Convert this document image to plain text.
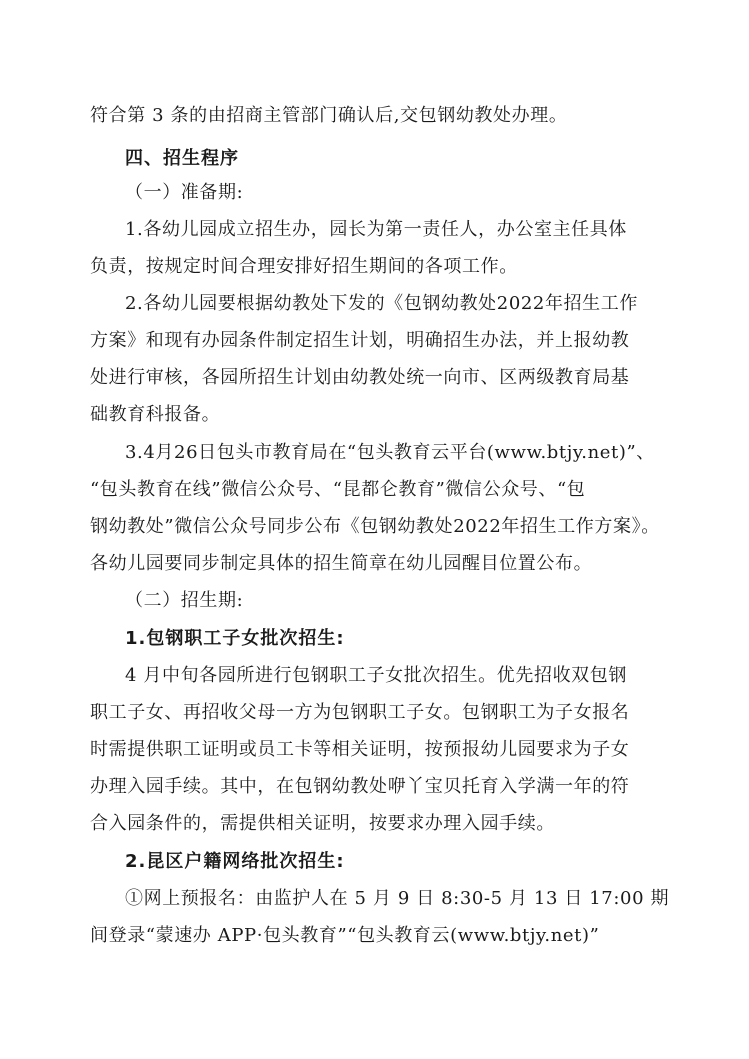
符合第 3 条的由招商主管部门确认后,交包钢幼教处办理。
四、招生程序
（一）准备期:
1.各幼儿园成立招生办，园长为第一责任人，办公室主任具体
负责，按规定时间合理安排好招生期间的各项工作。
2.各幼儿园要根据幼教处下发的《包钢幼教处2022年招生工作
方案》和现有办园条件制定招生计划，明确招生办法，并上报幼教
处进行审核，各园所招生计划由幼教处统一向市、区两级教育局基
础教育科报备。
3.4月26日包头市教育局在“包头教育云平台(www.btjy.net)”、
“包头教育在线”微信公众号、“昆都仑教育”微信公众号、“包
钢幼教处”微信公众号同步公布《包钢幼教处2022年招生工作方案》。
各幼儿园要同步制定具体的招生简章在幼儿园醒目位置公布。
（二）招生期:
1.包钢职工子女批次招生:
4 月中旬各园所进行包钢职工子女批次招生。优先招收双包钢
职工子女、再招收父母一方为包钢职工子女。包钢职工为子女报名
时需提供职工证明或员工卡等相关证明，按预报幼儿园要求为子女
办理入园手续。其中，在包钢幼教处咿丫宝贝托育入学满一年的符
合入园条件的，需提供相关证明，按要求办理入园手续。
2.昆区户籍网络批次招生:
①网上预报名：由监护人在 5 月 9 日 8:30-5 月 13 日 17:00 期
间登录“蒙速办 APP·包头教育”“包头教育云(www.btjy.net)”
